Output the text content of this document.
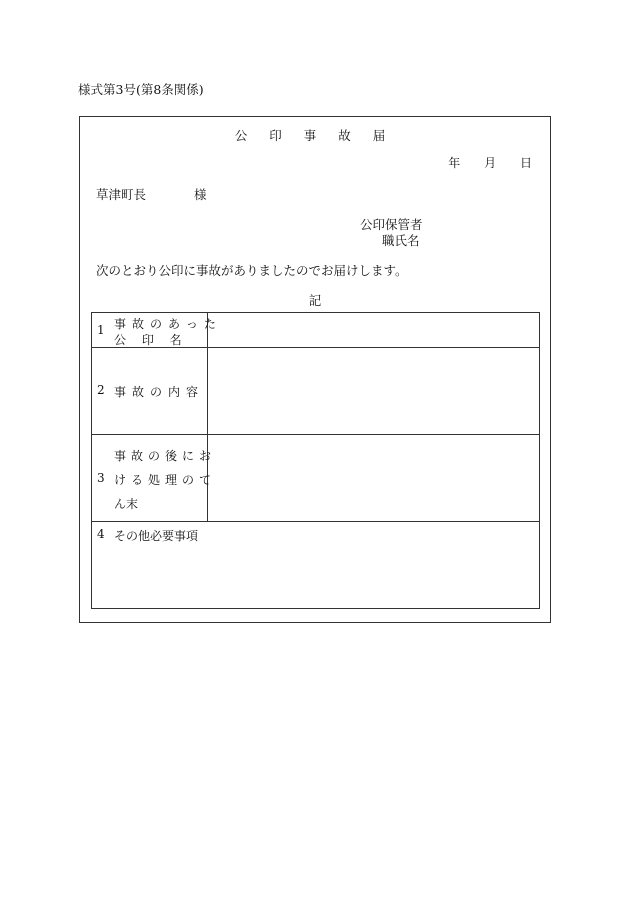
様式第3号(第8条関係)
公印事故届
年 月 日
草津町長	様
公印保管者
職氏名
次のとおり公印に事故がありましたのでお届けします。
記
1 事故のあった
公　 印　 名
2 事故の内容
3
事故の後にお
ける処理のて
ん末
4 その他必要事項
